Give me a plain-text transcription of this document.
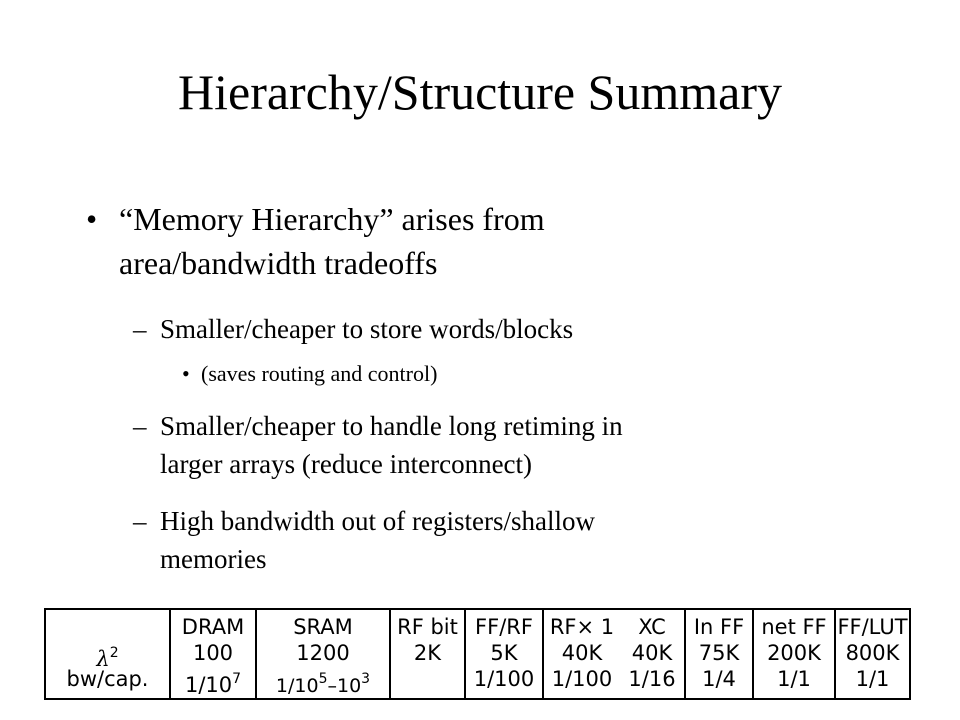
Hierarchy/Structure Summary
• “Memory Hierarchy” arises from
area/bandwidth tradeoffs
– Smaller/cheaper to store words/blocks
• (saves routing and control)
– Smaller/cheaper to handle long retiming in
larger arrays (reduce interconnect)
– High bandwidth out of registers/shallow
memories
$\lambda^2$
bw/cap.
DRAM
100
$1/10^7$
SRAM
1200
$1/10^5-10^3$
RF bit
2K
FF/RF
5K
1/100
RF× 1
40K
1/100
XC
40K
1/16
In FF
75K
1/4
net FF
200K
1/1
FF/LUT
800K
1/1
